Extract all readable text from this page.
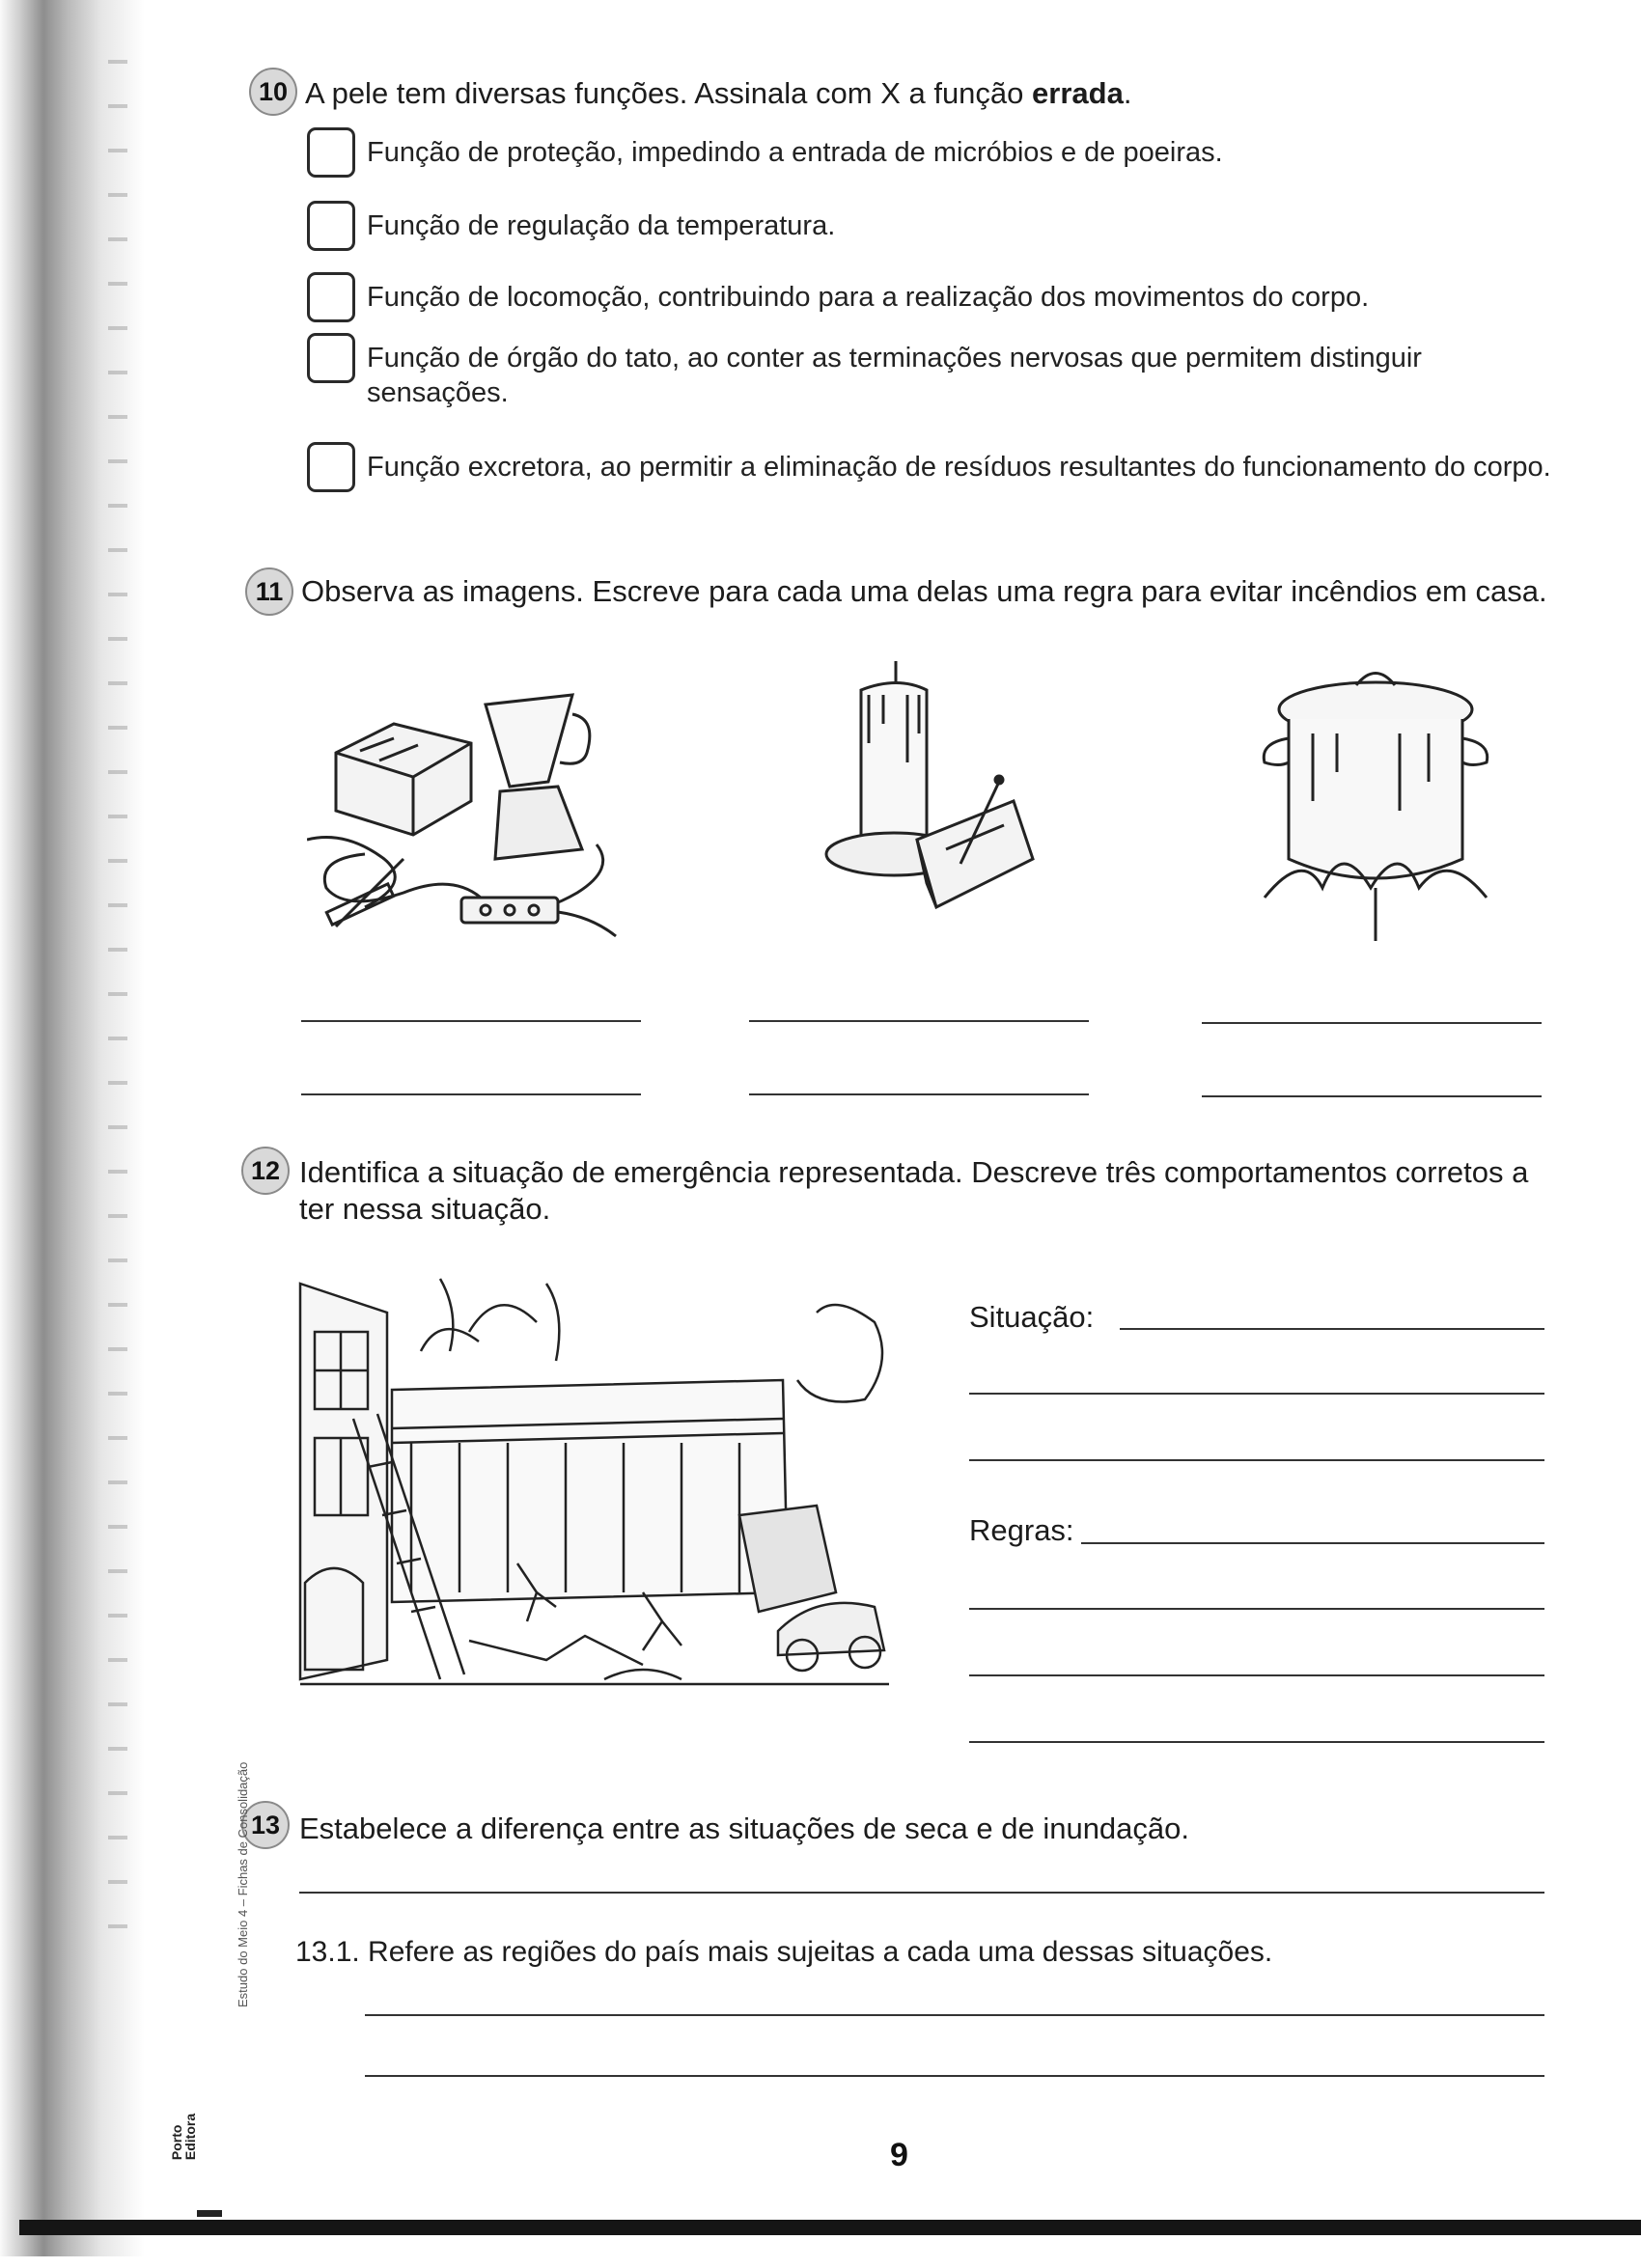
10 A pele tem diversas funções. Assinala com X a função errada.
Função de proteção, impedindo a entrada de micróbios e de poeiras.
Função de regulação da temperatura.
Função de locomoção, contribuindo para a realização dos movimentos do corpo.
Função de órgão do tato, ao conter as terminações nervosas que permitem distinguir sensações.
Função excretora, ao permitir a eliminação de resíduos resultantes do funcionamento do corpo.
11 Observa as imagens. Escreve para cada uma delas uma regra para evitar incêndios em casa.
12 Identifica a situação de emergência representada. Descreve três comportamentos corretos a ter nessa situação.
Situação:
Regras:
13 Estabelece a diferença entre as situações de seca e de inundação.
13.1. Refere as regiões do país mais sujeitas a cada uma dessas situações.
Porto
Editora
Estudo do Meio 4 – Fichas de Consolidação
9
